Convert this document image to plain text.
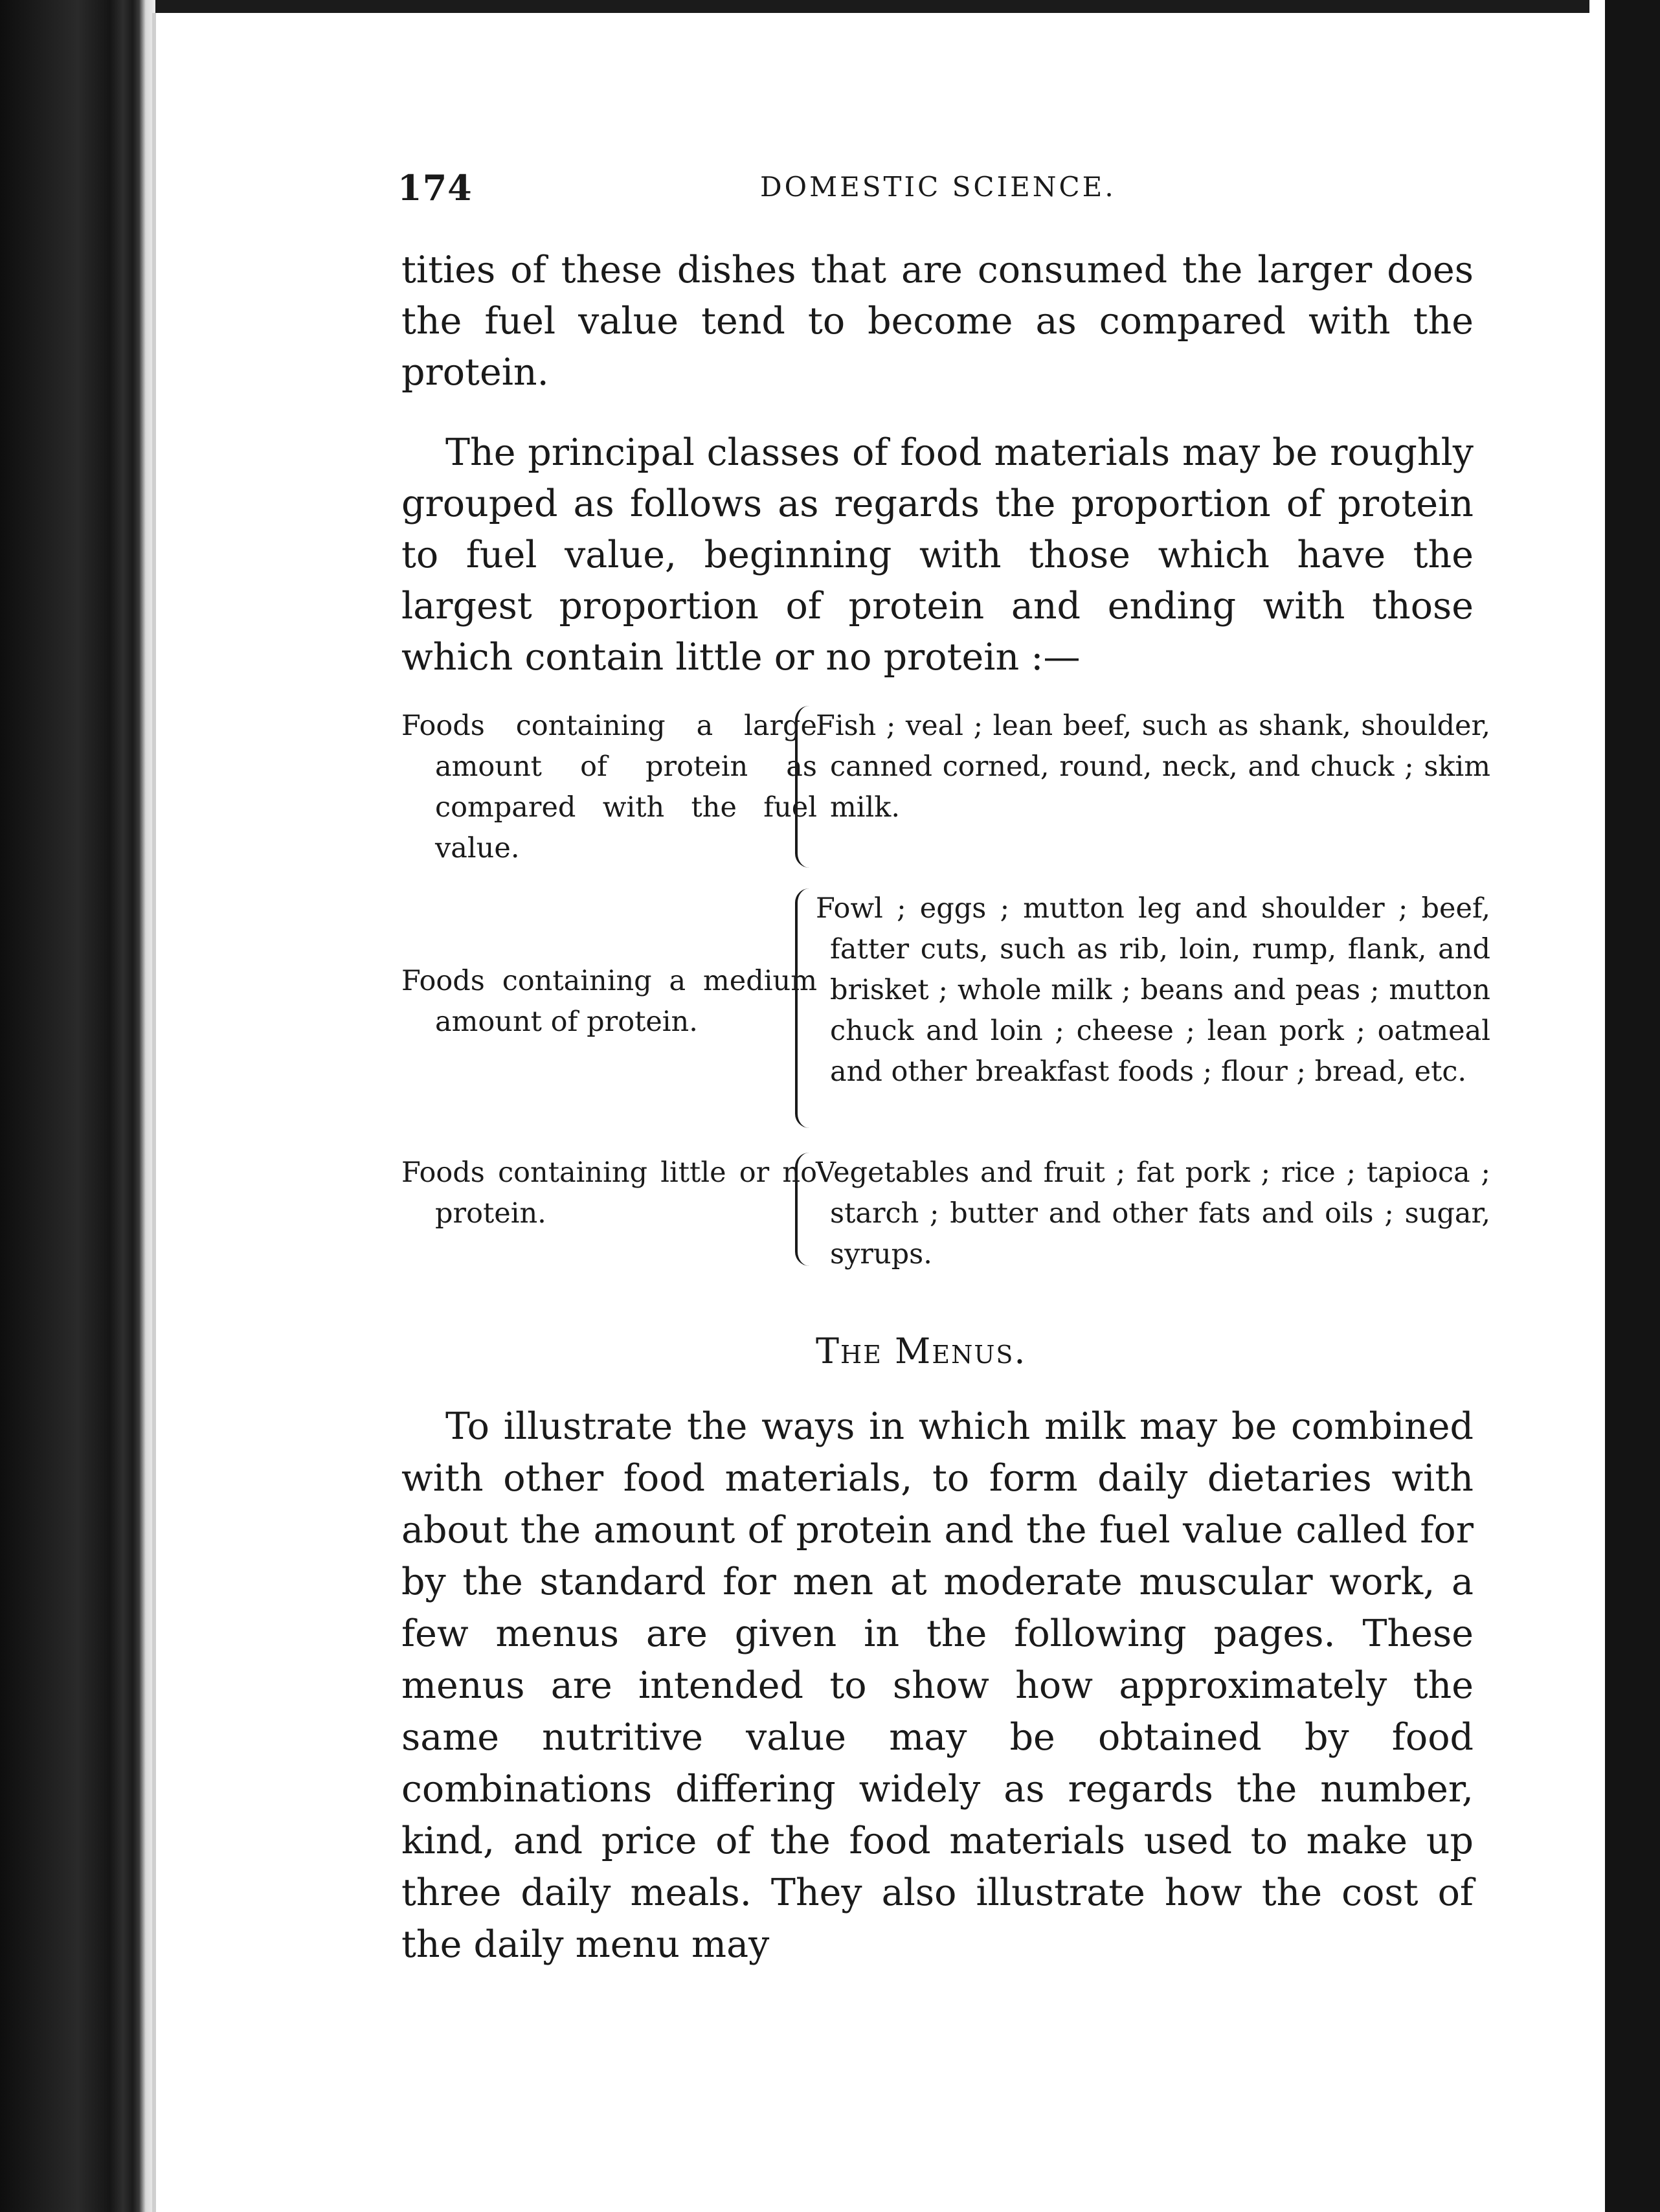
174	DOMESTIC SCIENCE.

tities of these dishes that are consumed the larger does the fuel value tend to become as compared with the protein.

The principal classes of food materials may be roughly grouped as follows as regards the proportion of protein to fuel value, beginning with those which have the largest proportion of protein and ending with those which contain little or no protein :—

Foods containing a large amount of protein as compared with the fuel value.
Fish ; veal ; lean beef, such as shank, shoulder, canned corned, round, neck, and chuck ; skim milk.
Foods containing a medium amount of protein.
Fowl ; eggs ; mutton leg and shoulder ; beef, fatter cuts, such as rib, loin, rump, flank, and brisket ; whole milk ; beans and peas ; mutton chuck and loin ; cheese ; lean pork ; oatmeal and other breakfast foods ; flour ; bread, etc.
Foods containing little or no protein.
Vegetables and fruit ; fat pork ; rice ; tapioca ; starch ; butter and other fats and oils ; sugar, syrups.
The Menus.

To illustrate the ways in which milk may be combined with other food materials, to form daily dietaries with about the amount of protein and the fuel value called for by the standard for men at moderate muscular work, a few menus are given in the following pages. These menus are intended to show how approximately the same nutritive value may be obtained by food combinations differing widely as regards the number, kind, and price of the food materials used to make up three daily meals. They also illustrate how the cost of the daily menu may
